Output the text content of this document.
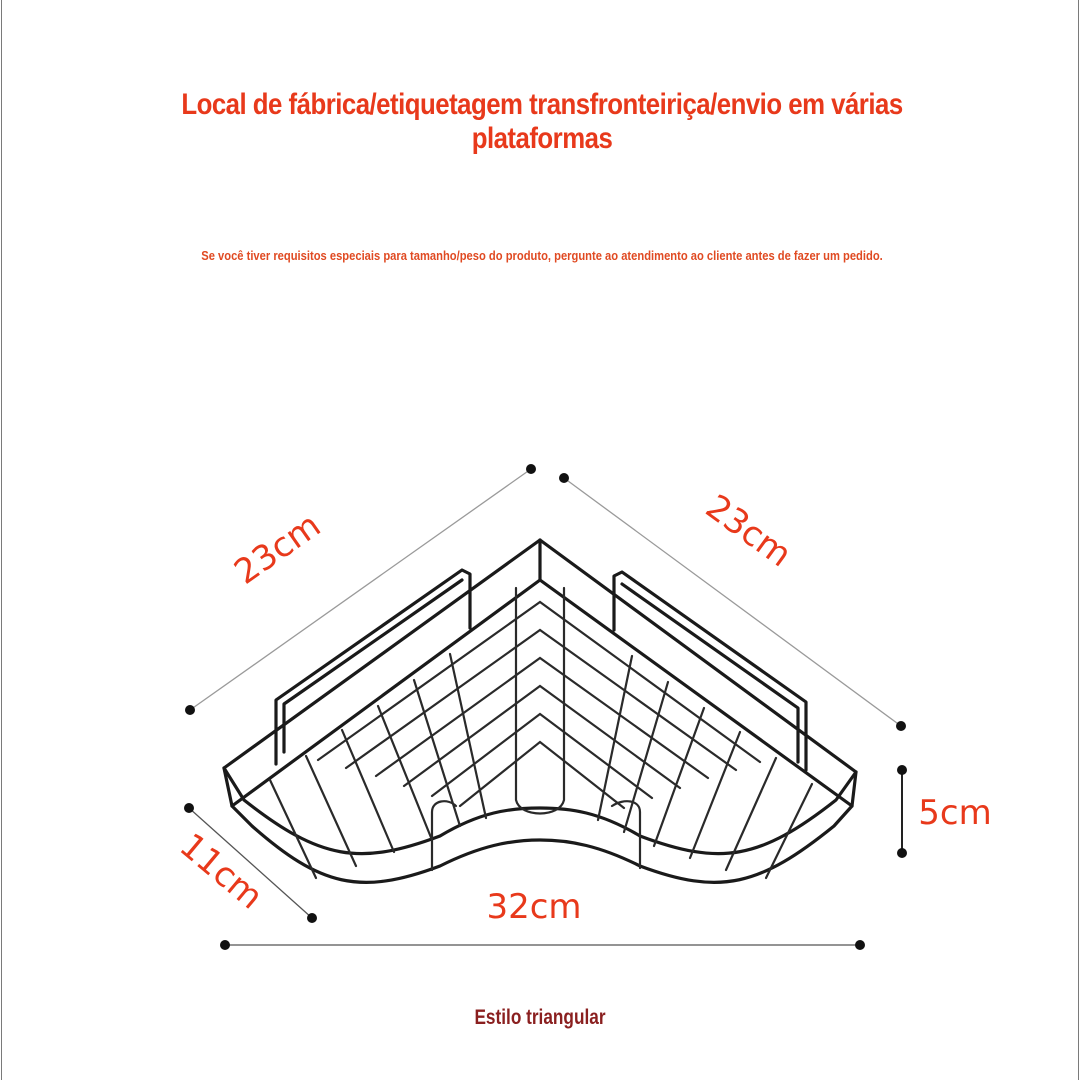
Local de fábrica/etiquetagem transfronteiriça/envio em várias plataformas
Se você tiver requisitos especiais para tamanho/peso do produto, pergunte ao atendimento ao cliente antes de fazer um pedido.
23cm	23cm
5cm
11cm	32cm
Estilo triangular
